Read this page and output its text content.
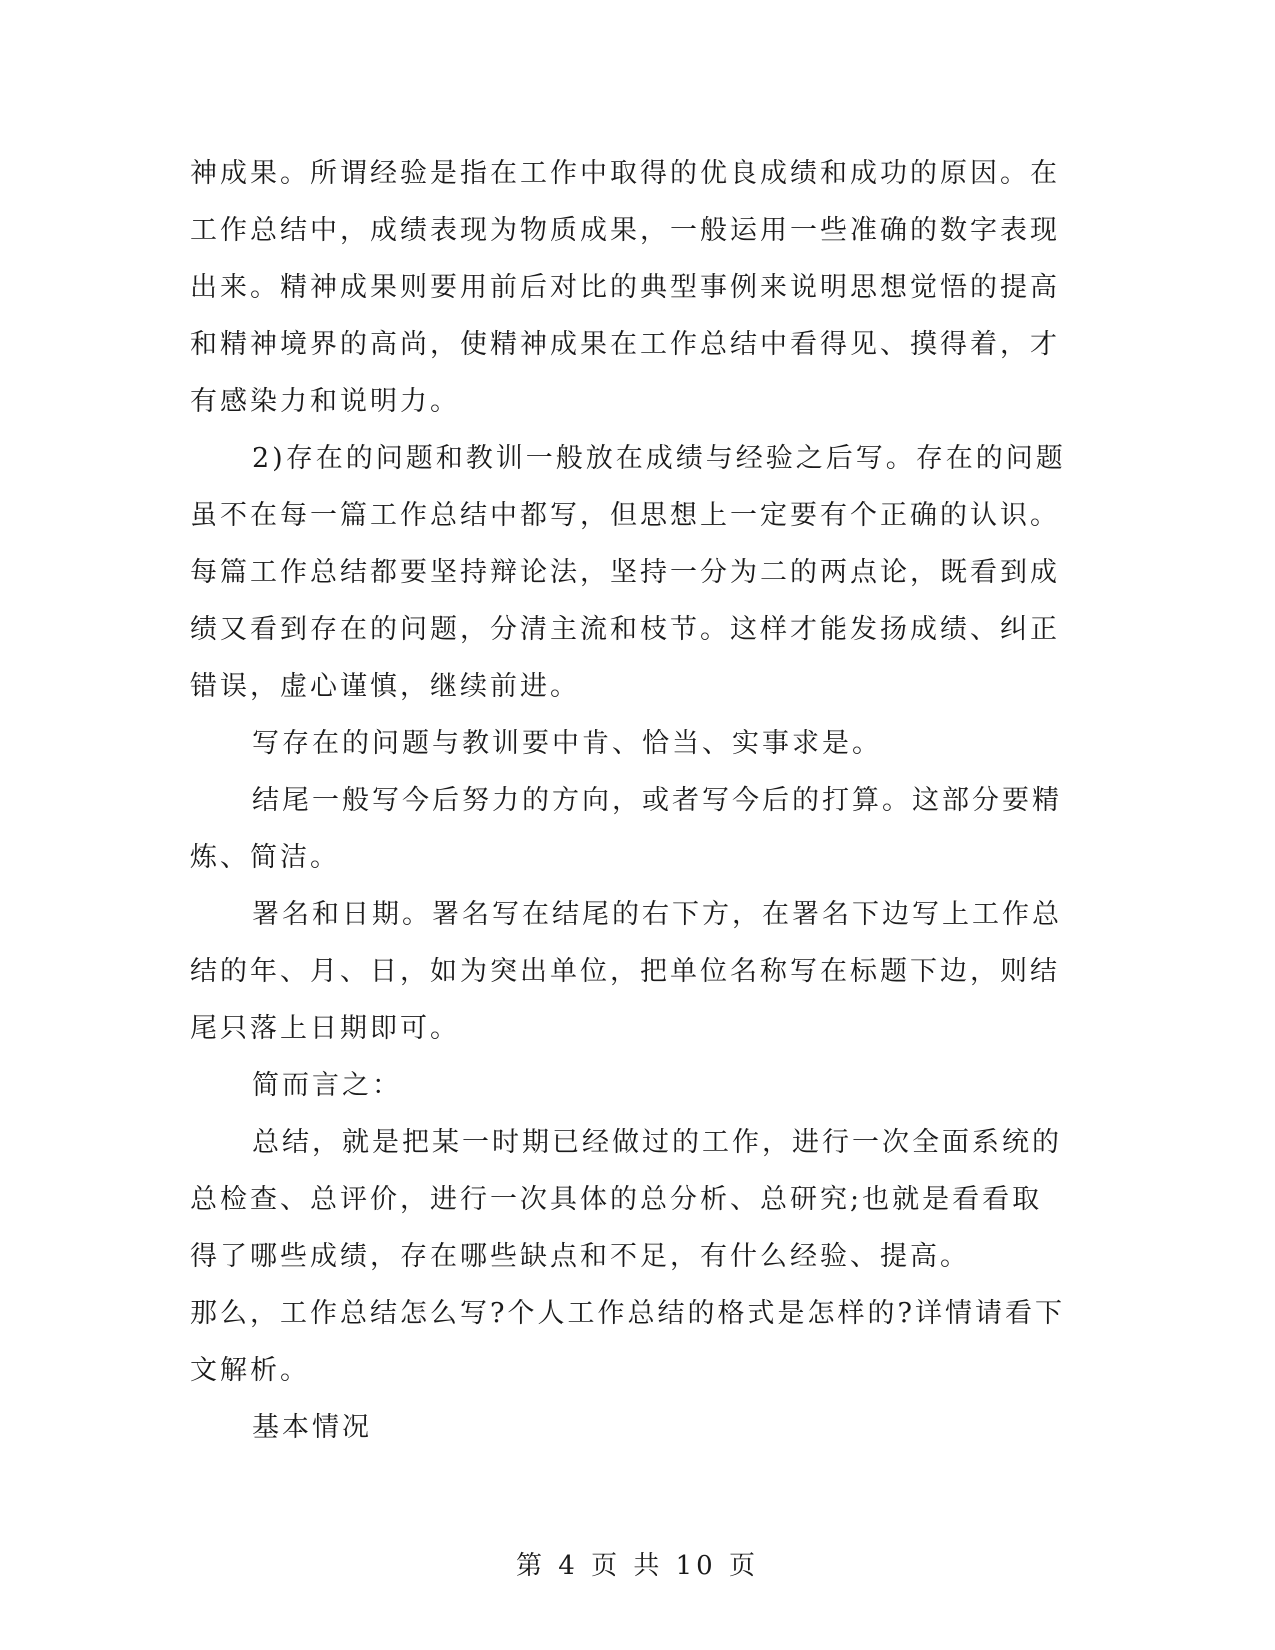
神成果。所谓经验是指在工作中取得的优良成绩和成功的原因。在工作总结中，成绩表现为物质成果，一般运用一些准确的数字表现出来。精神成果则要用前后对比的典型事例来说明思想觉悟的提高和精神境界的高尚，使精神成果在工作总结中看得见、摸得着，才有感染力和说明力。

2)存在的问题和教训一般放在成绩与经验之后写。存在的问题虽不在每一篇工作总结中都写，但思想上一定要有个正确的认识。每篇工作总结都要坚持辩论法，坚持一分为二的两点论，既看到成绩又看到存在的问题，分清主流和枝节。这样才能发扬成绩、纠正错误，虚心谨慎，继续前进。

写存在的问题与教训要中肯、恰当、实事求是。

结尾一般写今后努力的方向，或者写今后的打算。这部分要精炼、简洁。

署名和日期。署名写在结尾的右下方，在署名下边写上工作总结的年、月、日，如为突出单位，把单位名称写在标题下边，则结尾只落上日期即可。

简而言之：

总结，就是把某一时期已经做过的工作，进行一次全面系统的总检查、总评价，进行一次具体的总分析、总研究;也就是看看取得了哪些成绩，存在哪些缺点和不足，有什么经验、提高。

那么，工作总结怎么写?个人工作总结的格式是怎样的?详情请看下文解析。

基本情况

第 4 页 共 10 页
